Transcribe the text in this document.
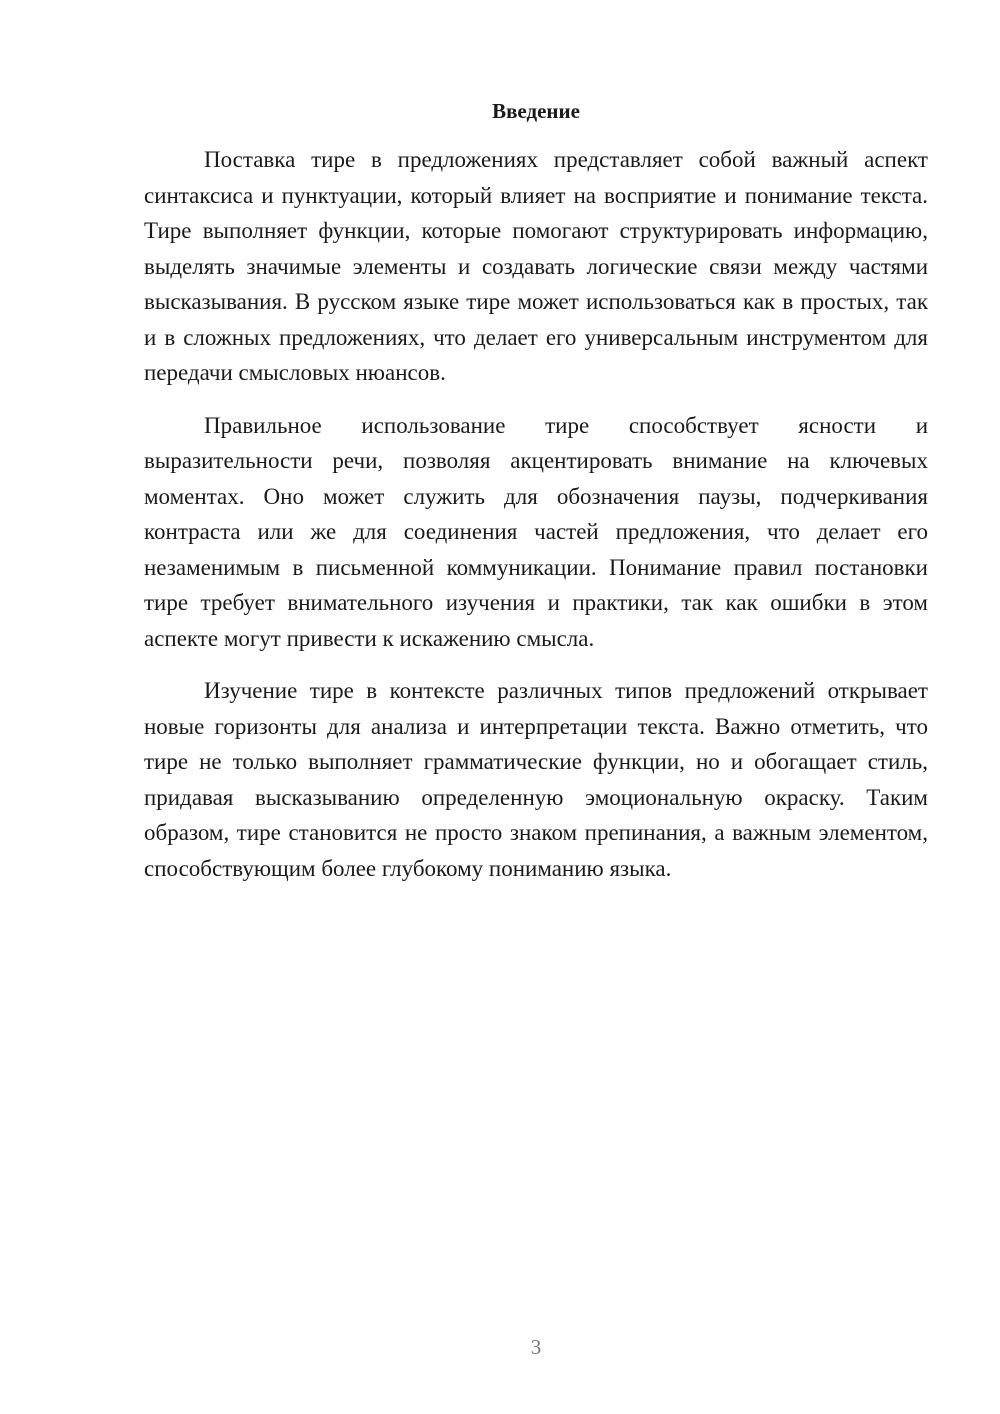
Введение

Поставка тире в предложениях представляет собой важный аспект синтаксиса и пунктуации, который влияет на восприятие и понимание текста. Тире выполняет функции, которые помогают структурировать информацию, выделять значимые элементы и создавать логические связи между частями высказывания. В русском языке тире может использоваться как в простых, так и в сложных предложениях, что делает его универсальным инструментом для передачи смысловых нюансов.

Правильное использование тире способствует ясности и выразительности речи, позволяя акцентировать внимание на ключевых моментах. Оно может служить для обозначения паузы, подчеркивания контраста или же для соединения частей предложения, что делает его незаменимым в письменной коммуникации. Понимание правил постановки тире требует внимательного изучения и практики, так как ошибки в этом аспекте могут привести к искажению смысла.

Изучение тире в контексте различных типов предложений открывает новые горизонты для анализа и интерпретации текста. Важно отметить, что тире не только выполняет грамматические функции, но и обогащает стиль, придавая высказыванию определенную эмоциональную окраску. Таким образом, тире становится не просто знаком препинания, а важным элементом, способствующим более глубокому пониманию языка.

3
